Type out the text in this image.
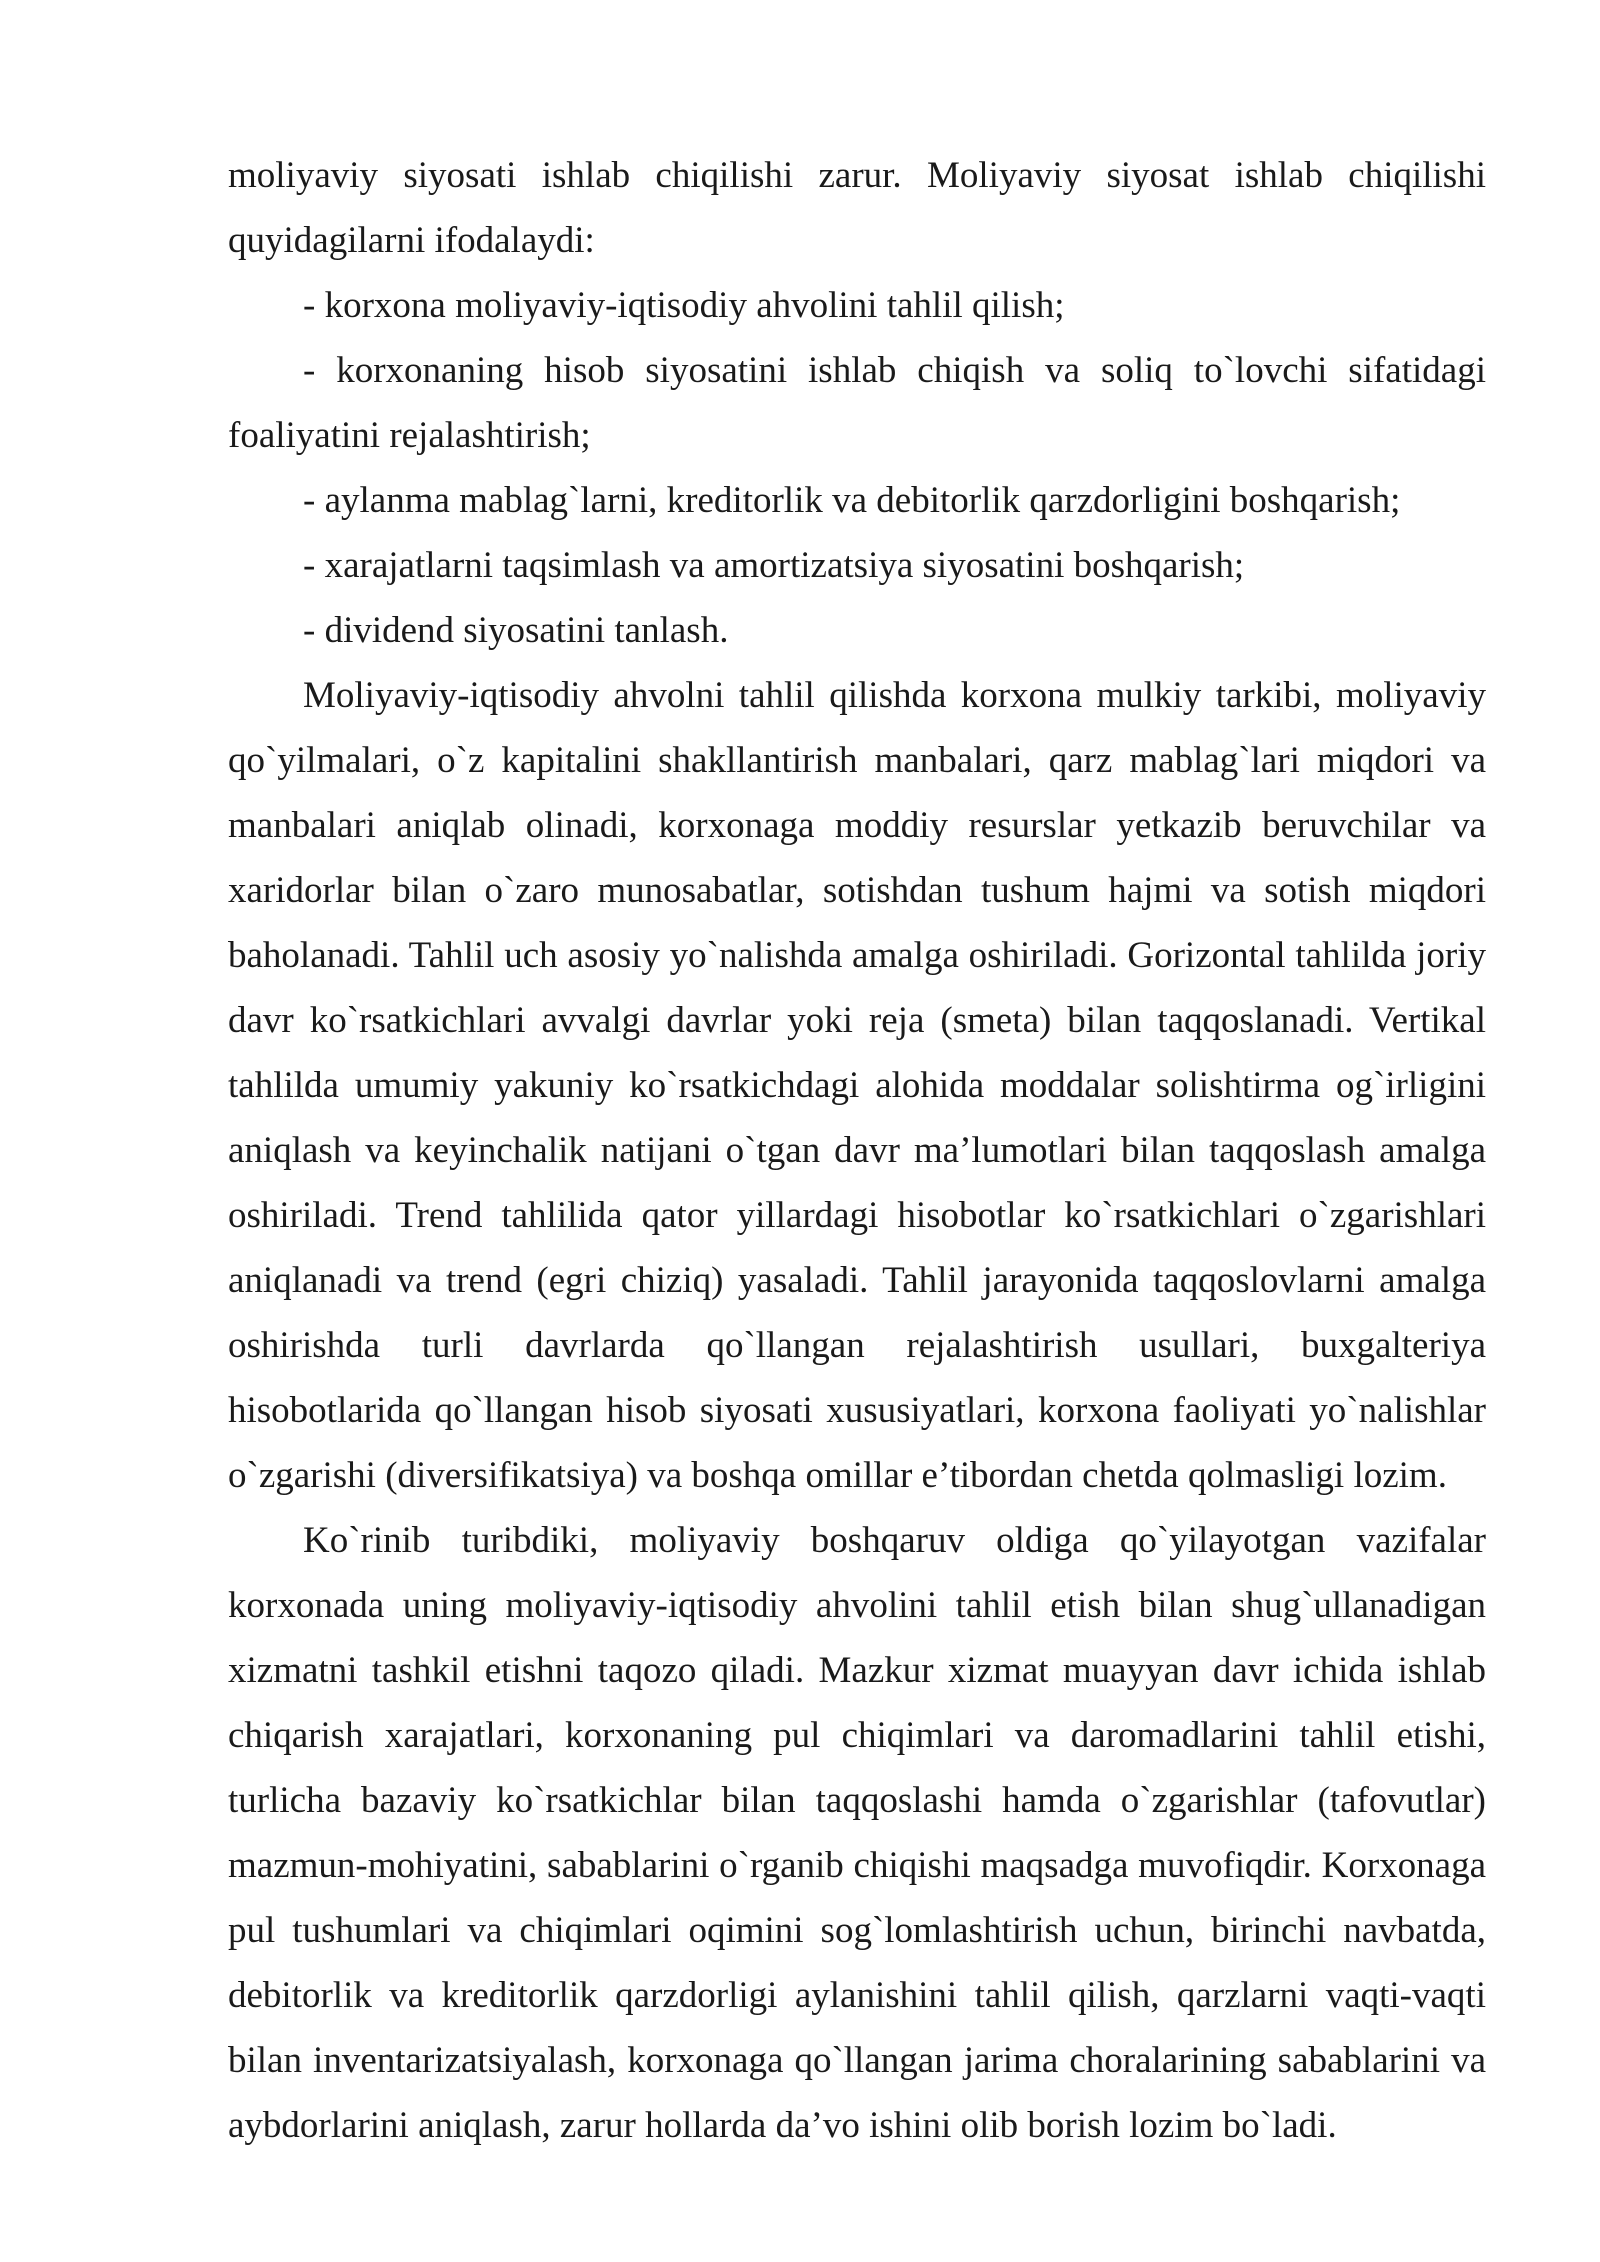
moliyaviy siyosati ishlab chiqilishi zarur. Moliyaviy siyosat ishlab chiqilishi quyidagilarni ifodalaydi:

- korxona moliyaviy-iqtisodiy ahvolini tahlil qilish;

- korxonaning hisob siyosatini ishlab chiqish va soliq to`lovchi sifatidagi foaliyatini rejalashtirish;

- aylanma mablag`larni, kreditorlik va debitorlik qarzdorligini boshqarish;

- xarajatlarni taqsimlash va amortizatsiya siyosatini boshqarish;

- dividend siyosatini tanlash.

Moliyaviy-iqtisodiy ahvolni tahlil qilishda korxona mulkiy tarkibi, moliyaviy qo`yilmalari, o`z kapitalini shakllantirish manbalari, qarz mablag`lari miqdori va manbalari aniqlab olinadi, korxonaga moddiy resurslar yetkazib beruvchilar va xaridorlar bilan o`zaro munosabatlar, sotishdan tushum hajmi va sotish miqdori baholanadi. Tahlil uch asosiy yo`nalishda amalga oshiriladi. Gorizontal tahlilda joriy davr ko`rsatkichlari avvalgi davrlar yoki reja (smeta) bilan taqqoslanadi. Vertikal tahlilda umumiy yakuniy ko`rsatkichdagi alohida moddalar solishtirma og`irligini aniqlash va keyinchalik natijani o`tgan davr ma’lumotlari bilan taqqoslash amalga oshiriladi. Trend tahlilida qator yillardagi hisobotlar ko`rsatkichlari o`zgarishlari aniqlanadi va trend (egri chiziq) yasaladi. Tahlil jarayonida taqqoslovlarni amalga oshirishda turli davrlarda qo`llangan rejalashtirish usullari, buxgalteriya hisobotlarida qo`llangan hisob siyosati xususiyatlari, korxona faoliyati yo`nalishlar o`zgarishi (diversifikatsiya) va boshqa omillar e’tibordan chetda qolmasligi lozim.

Ko`rinib turibdiki, moliyaviy boshqaruv oldiga qo`yilayotgan vazifalar korxonada uning moliyaviy-iqtisodiy ahvolini tahlil etish bilan shug`ullanadigan xizmatni tashkil etishni taqozo qiladi. Mazkur xizmat muayyan davr ichida ishlab chiqarish xarajatlari, korxonaning pul chiqimlari va daromadlarini tahlil etishi, turlicha bazaviy ko`rsatkichlar bilan taqqoslashi hamda o`zgarishlar (tafovutlar) mazmun-mohiyatini, sabablarini o`rganib chiqishi maqsadga muvofiqdir. Korxonaga pul tushumlari va chiqimlari oqimini sog`lomlashtirish uchun, birinchi navbatda, debitorlik va kreditorlik qarzdorligi aylanishini tahlil qilish, qarzlarni vaqti-vaqti bilan inventarizatsiyalash, korxonaga qo`llangan jarima choralarining sabablarini va aybdorlarini aniqlash, zarur hollarda da’vo ishini olib borish lozim bo`ladi.
